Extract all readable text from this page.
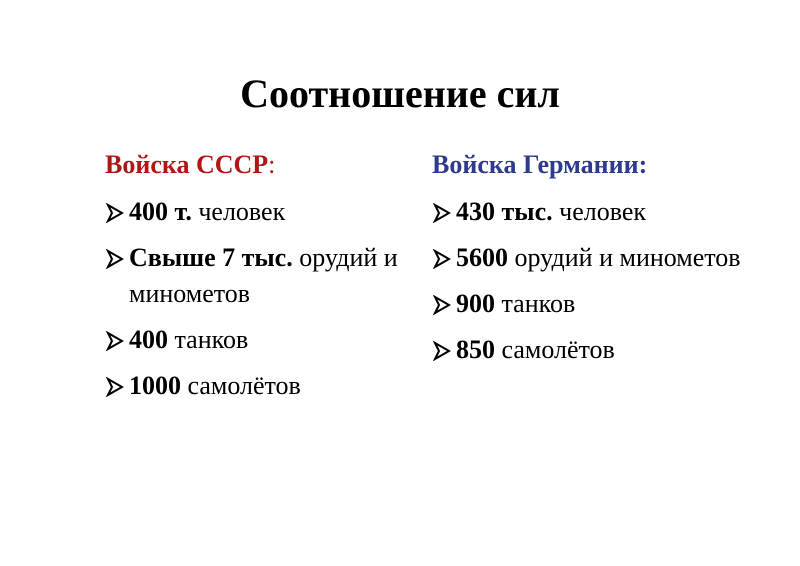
Соотношение сил
Войска СССР:
400 т. человек
Свыше 7 тыс. орудий и минометов
400 танков
1000 самолётов
Войска Германии:
430 тыс. человек
5600 орудий и минометов
900 танков
850 самолётов
